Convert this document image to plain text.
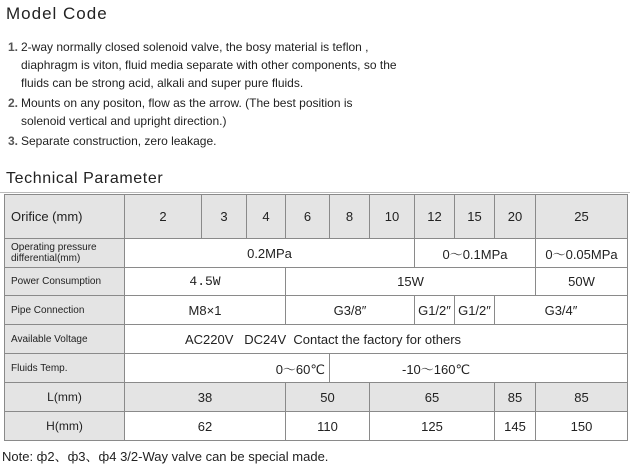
Model Code
1. 2-way normally closed solenoid valve, the bosy material is teflon ,
diaphragm is viton, fluid media separate with other components, so the
fluids can be strong acid, alkali and super pure fluids.
2. Mounts on any positon, flow as the arrow. (The best position is
solenoid vertical and upright direction.)
3. Separate construction, zero leakage.
Technical Parameter
Orifice (mm)	2	3	4	6	8	10	12	15	20	25	
Operating pressure differential(mm)	0.2MPa						0～0.1MPa			0～0.05MPa	
Power Consumption	4.5W			15W						50W	
Pipe Connection	M8×1			G3/8″			G1/2″	G1/2″	G3/4″	
Available Voltage	AC220V   DC24V  Contact the factory for others										
Fluids Temp.	0～60℃				-10～160℃						
L(mm)	38			50		65			85	85	
H(mm)	62			110		125			145	150	
Note: ф2、ф3、ф4 3/2-Way valve can be special made.
